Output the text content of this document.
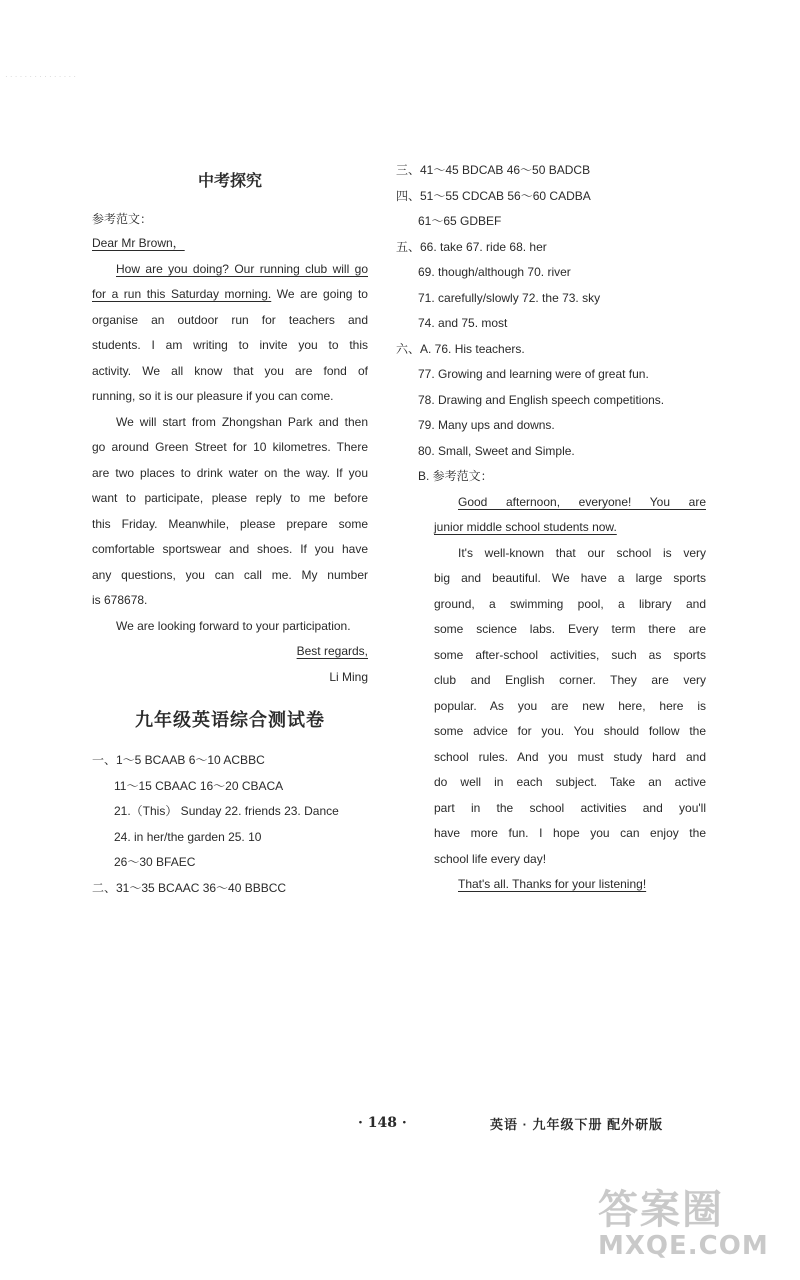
· · · · · · · · · · · · · · ·
中考探究
参考范文：
Dear Mr Brown，
How are you doing? Our running club will go
for a run this Saturday morning. We are going to
organise an outdoor run for teachers and
students. I am writing to invite you to this
activity. We all know that you are fond of
running, so it is our pleasure if you can come.
We will start from Zhongshan Park and then
go around Green Street for 10 kilometres. There
are two places to drink water on the way. If you
want to participate, please reply to me before
this Friday. Meanwhile, please prepare some
comfortable sportswear and shoes. If you have
any questions, you can call me. My number
is 678678.
We are looking forward to your participation.
Best regards,
Li Ming
九年级英语综合测试卷
一、1～5 BCAAB 6～10 ACBBC
11～15 CBAAC 16～20 CBACA
21.（This） Sunday 22. friends 23. Dance
24. in her/the garden 25. 10
26～30 BFAEC
二、31～35 BCAAC 36～40 BBBCC
三、41～45 BDCAB 46～50 BADCB
四、51～55 CDCAB 56～60 CADBA
61～65 GDBEF
五、66. take 67. ride 68. her
69. though/although 70. river
71. carefully/slowly 72. the 73. sky
74. and 75. most
六、A. 76. His teachers.
77. Growing and learning were of great fun.
78. Drawing and English speech competitions.
79. Many ups and downs.
80. Small, Sweet and Simple.
B. 参考范文：
Good afternoon, everyone! You are
junior middle school students now.
It's well-known that our school is very
big and beautiful. We have a large sports
ground, a swimming pool, a library and
some science labs. Every term there are
some after-school activities, such as sports
club and English corner. They are very
popular. As you are new here, here is
some advice for you. You should follow the
school rules. And you must study hard and
do well in each subject. Take an active
part in the school activities and you'll
have more fun. I hope you can enjoy the
school life every day!
That's all. Thanks for your listening!
· 148 ·	英语 · 九年级下册 配外研版
答案圈
MXQE.COM
